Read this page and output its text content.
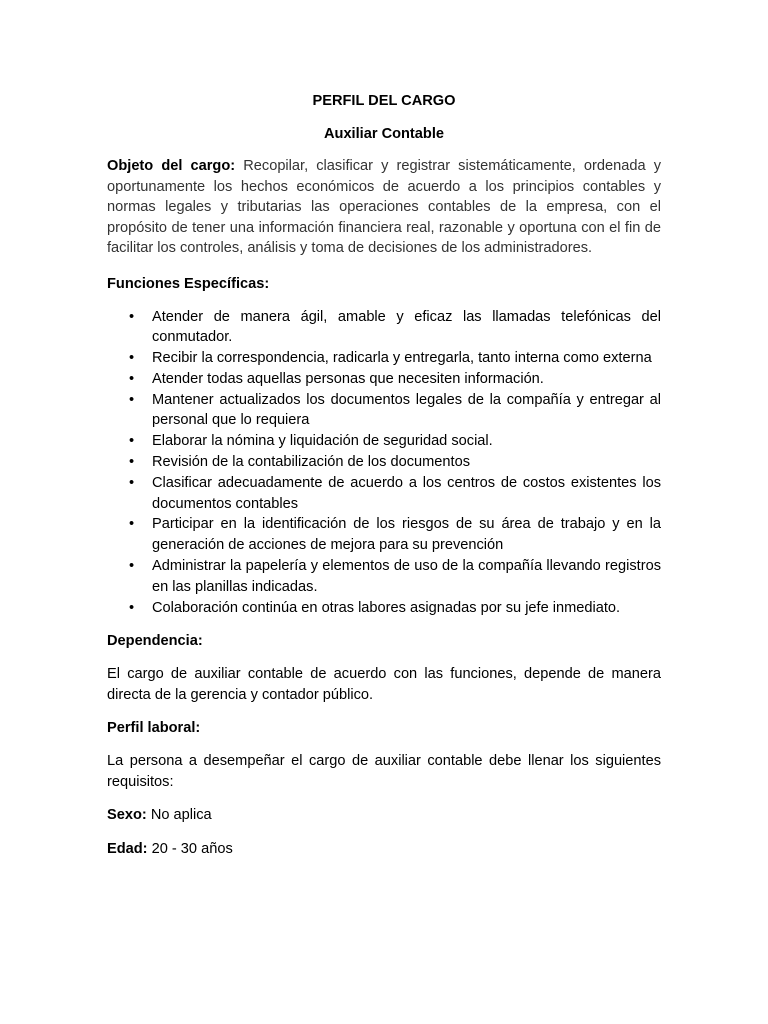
PERFIL DEL CARGO
Auxiliar Contable

Objeto del cargo: Recopilar, clasificar y registrar sistemáticamente, ordenada y oportunamente los hechos económicos de acuerdo a los principios contables y normas legales y tributarias las operaciones contables de la empresa, con el propósito de tener una información financiera real, razonable y oportuna con el fin de facilitar los controles, análisis y toma de decisiones de los administradores.

Funciones Específicas:
• Atender de manera ágil, amable y eficaz las llamadas telefónicas del conmutador.
• Recibir la correspondencia, radicarla y entregarla, tanto interna como externa
• Atender todas aquellas personas que necesiten información.
• Mantener actualizados los documentos legales de la compañía y entregar al personal que lo requiera
• Elaborar la nómina y liquidación de seguridad social.
• Revisión de la contabilización de los documentos
• Clasificar adecuadamente de acuerdo a los centros de costos existentes los documentos contables
• Participar en la identificación de los riesgos de su área de trabajo y en la generación de acciones de mejora para su prevención
• Administrar la papelería y elementos de uso de la compañía llevando registros en las planillas indicadas.
• Colaboración continúa en otras labores asignadas por su jefe inmediato.
Dependencia:

El cargo de auxiliar contable de acuerdo con las funciones, depende de manera directa de la gerencia y contador público.

Perfil laboral:

La persona a desempeñar el cargo de auxiliar contable debe llenar los siguientes requisitos:

Sexo: No aplica

Edad: 20 - 30 años
